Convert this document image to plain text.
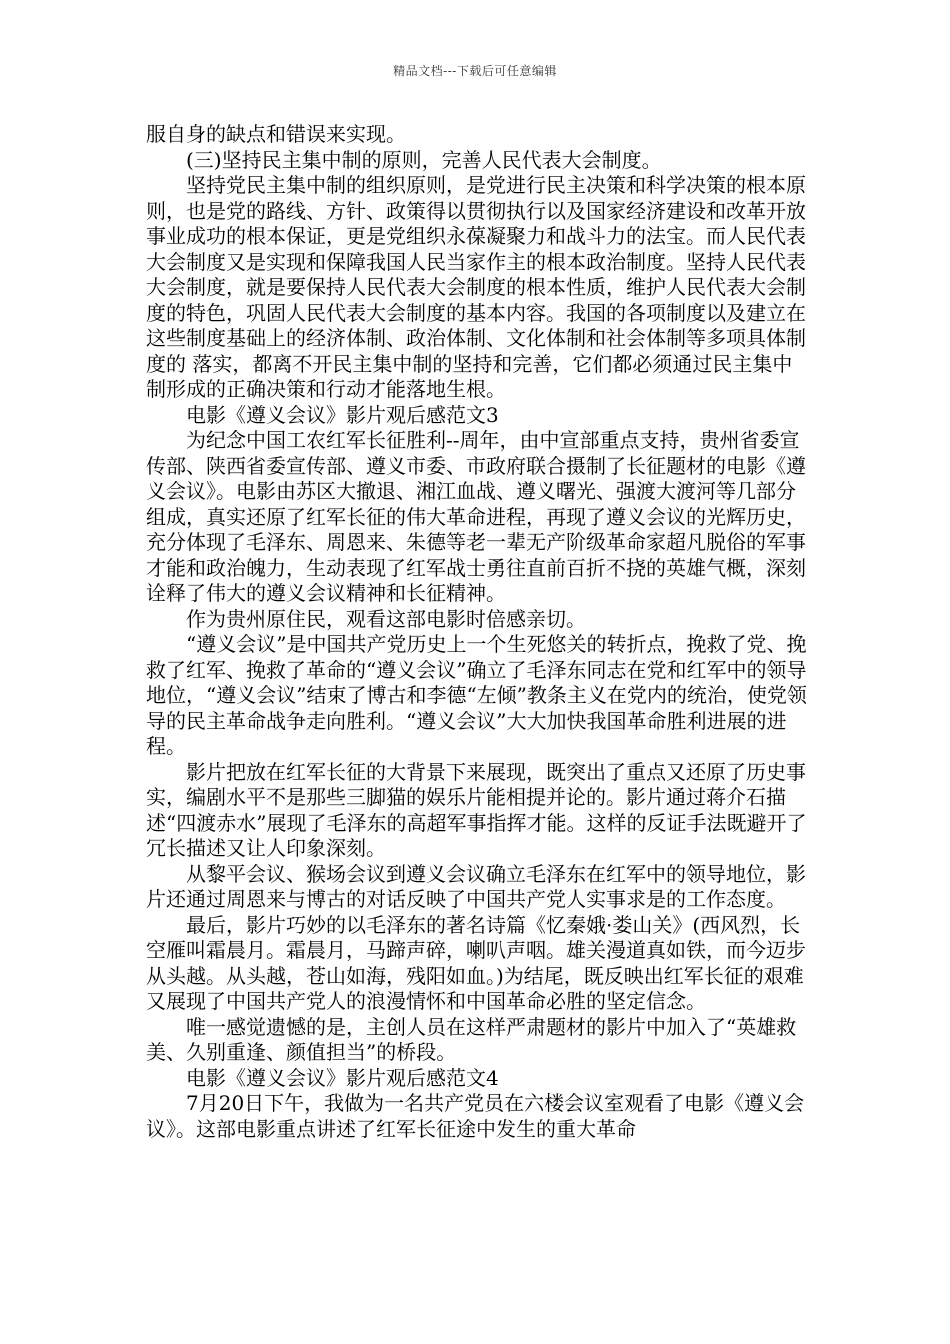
精品文档---下载后可任意编辑

服自身的缺点和错误来实现。

(三)坚持民主集中制的原则，完善人民代表大会制度。

坚持党民主集中制的组织原则，是党进行民主决策和科学决策的根本原则，也是党的路线、方针、政策得以贯彻执行以及国家经济建设和改革开放事业成功的根本保证，更是党组织永葆凝聚力和战斗力的法宝。而人民代表大会制度又是实现和保障我国人民当家作主的根本政治制度。坚持人民代表大会制度，就是要保持人民代表大会制度的根本性质，维护人民代表大会制度的特色，巩固人民代表大会制度的基本内容。我国的各项制度以及建立在这些制度基础上的经济体制、政治体制、文化体制和社会体制等多项具体制度的 落实，都离不开民主集中制的坚持和完善，它们都必须通过民主集中制形成的正确决策和行动才能落地生根。

电影《遵义会议》影片观后感范文3

为纪念中国工农红军长征胜利--周年，由中宣部重点支持，贵州省委宣传部、陕西省委宣传部、遵义市委、市政府联合摄制了长征题材的电影《遵义会议》。电影由苏区大撤退、湘江血战、遵义曙光、强渡大渡河等几部分组成，真实还原了红军长征的伟大革命进程，再现了遵义会议的光辉历史，充分体现了毛泽东、周恩来、朱德等老一辈无产阶级革命家超凡脱俗的军事才能和政治魄力，生动表现了红军战士勇往直前百折不挠的英雄气概，深刻诠释了伟大的遵义会议精神和长征精神。

作为贵州原住民，观看这部电影时倍感亲切。

“遵义会议”是中国共产党历史上一个生死悠关的转折点，挽救了党、挽救了红军、挽救了革命的“遵义会议”确立了毛泽东同志在党和红军中的领导地位，“遵义会议”结束了博古和李德“左倾”教条主义在党内的统治，使党领导的民主革命战争走向胜利。“遵义会议”大大加快我国革命胜利进展的进程。

影片把放在红军长征的大背景下来展现，既突出了重点又还原了历史事实，编剧水平不是那些三脚猫的娱乐片能相提并论的。影片通过蒋介石描述“四渡赤水”展现了毛泽东的高超军事指挥才能。这样的反证手法既避开了冗长描述又让人印象深刻。

从黎平会议、猴场会议到遵义会议确立毛泽东在红军中的领导地位，影片还通过周恩来与博古的对话反映了中国共产党人实事求是的工作态度。

最后，影片巧妙的以毛泽东的著名诗篇《忆秦娥·娄山关》(西风烈，长空雁叫霜晨月。霜晨月，马蹄声碎，喇叭声咽。雄关漫道真如铁，而今迈步从头越。从头越，苍山如海，残阳如血。)为结尾，既反映出红军长征的艰难又展现了中国共产党人的浪漫情怀和中国革命必胜的坚定信念。

唯一感觉遗憾的是，主创人员在这样严肃题材的影片中加入了“英雄救美、久别重逢、颜值担当”的桥段。

电影《遵义会议》影片观后感范文4

7月20日下午，我做为一名共产党员在六楼会议室观看了电影《遵义会议》。这部电影重点讲述了红军长征途中发生的重大革命
